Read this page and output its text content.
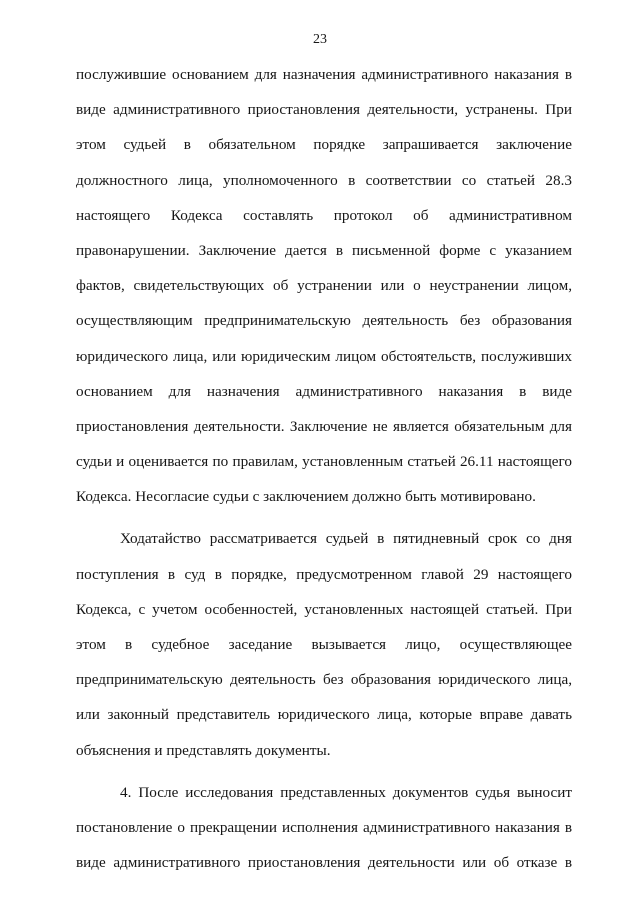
23
послужившие основанием для назначения административного наказания в
виде административного приостановления деятельности, устранены. При
этом судьей в обязательном порядке запрашивается заключение
должностного лица, уполномоченного в соответствии со статьей 28.3
настоящего Кодекса составлять протокол об административном
правонарушении. Заключение дается в письменной форме с указанием
фактов, свидетельствующих об устранении или о неустранении лицом,
осуществляющим предпринимательскую деятельность без образования
юридического лица, или юридическим лицом обстоятельств, послуживших
основанием для назначения административного наказания в виде
приостановления деятельности. Заключение не является обязательным для
судьи и оценивается по правилам, установленным статьей 26.11 настоящего
Кодекса. Несогласие судьи с заключением должно быть мотивировано.
Ходатайство рассматривается судьей в пятидневный срок со дня
поступления в суд в порядке, предусмотренном главой 29 настоящего
Кодекса, с учетом особенностей, установленных настоящей статьей. При
этом в судебное заседание вызывается лицо, осуществляющее
предпринимательскую деятельность без образования юридического лица,
или законный представитель юридического лица, которые вправе давать
объяснения и представлять документы.
4. После исследования представленных документов судья выносит
постановление о прекращении исполнения административного наказания в
виде административного приостановления деятельности или об отказе в
